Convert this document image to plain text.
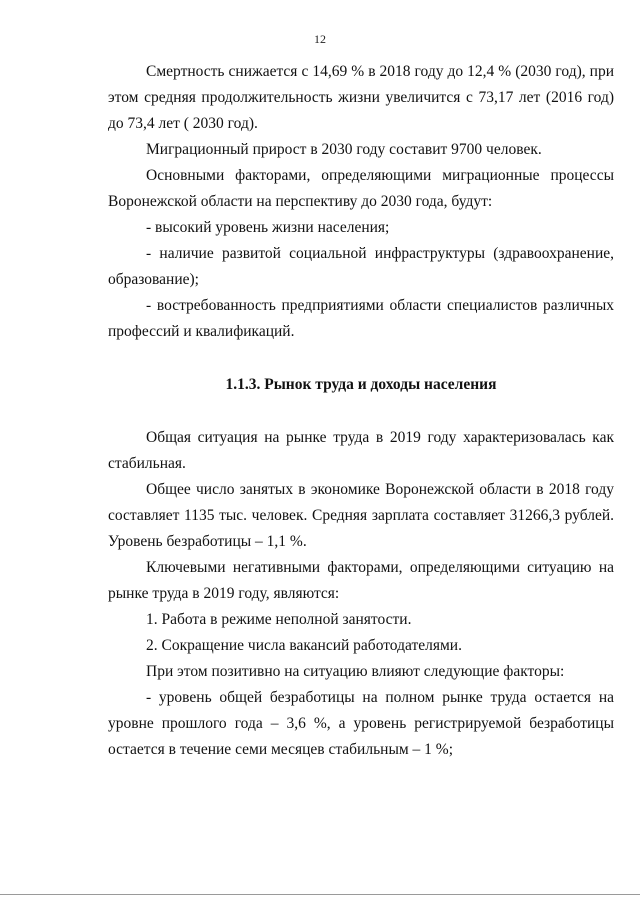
12

Смертность снижается с 14,69 % в 2018 году до 12,4 % (2030 год), при этом средняя продолжительность жизни увеличится с 73,17 лет (2016 год) до 73,4 лет ( 2030 год).

Миграционный прирост в 2030 году составит 9700 человек.

Основными факторами, определяющими миграционные процессы Воронежской области на перспективу до 2030 года, будут:

- высокий уровень жизни населения;

- наличие развитой социальной инфраструктуры (здравоохранение, образование);

- востребованность предприятиями области специалистов различных профессий и квалификаций.

1.1.3. Рынок труда и доходы населения

Общая ситуация на рынке труда в 2019 году характеризовалась как стабильная.

Общее число занятых в экономике Воронежской области в 2018 году составляет 1135 тыс. человек. Средняя зарплата составляет 31266,3 рублей. Уровень безработицы – 1,1 %.

Ключевыми негативными факторами, определяющими ситуацию на рынке труда в 2019 году, являются:

1. Работа в режиме неполной занятости.

2. Сокращение числа вакансий работодателями.

При этом позитивно на ситуацию влияют следующие факторы:

- уровень общей безработицы на полном рынке труда остается на уровне прошлого года – 3,6 %, а уровень регистрируемой безработицы остается в течение семи месяцев стабильным – 1 %;
